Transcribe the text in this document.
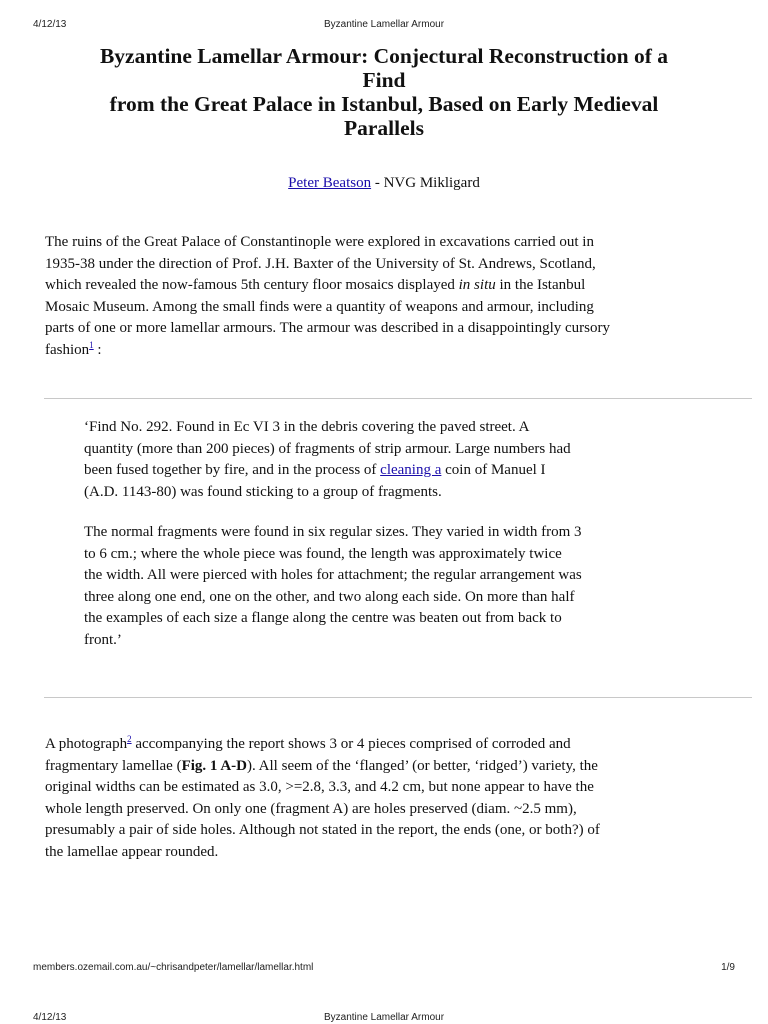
4/12/13	Byzantine Lamellar Armour
Byzantine Lamellar Armour: Conjectural Reconstruction of a
Find
from the Great Palace in Istanbul, Based on Early Medieval
Parallels
Peter Beatson - NVG Mikligard
The ruins of the Great Palace of Constantinople were explored in excavations carried out in
1935-38 under the direction of Prof. J.H. Baxter of the University of St. Andrews, Scotland,
which revealed the now-famous 5th century floor mosaics displayed in situ in the Istanbul
Mosaic Museum. Among the small finds were a quantity of weapons and armour, including
parts of one or more lamellar armours. The armour was described in a disappointingly cursory
fashion$^1$ :
‘Find No. 292. Found in Ec VI 3 in the debris covering the paved street. A
quantity (more than 200 pieces) of fragments of strip armour. Large numbers had
been fused together by fire, and in the process of cleaning a coin of Manuel I
(A.D. 1143-80) was found sticking to a group of fragments.
The normal fragments were found in six regular sizes. They varied in width from 3
to 6 cm.; where the whole piece was found, the length was approximately twice
the width. All were pierced with holes for attachment; the regular arrangement was
three along one end, one on the other, and two along each side. On more than half
the examples of each size a flange along the centre was beaten out from back to
front.’
A photograph$^2$ accompanying the report shows 3 or 4 pieces comprised of corroded and
fragmentary lamellae (Fig. 1 A-D). All seem of the ‘flanged’ (or better, ‘ridged’) variety, the
original widths can be estimated as 3.0, >=2.8, 3.3, and 4.2 cm, but none appear to have the
whole length preserved. On only one (fragment A) are holes preserved (diam. ~2.5 mm),
presumably a pair of side holes. Although not stated in the report, the ends (one, or both?) of
the lamellae appear rounded.
members.ozemail.com.au/~chrisandpeter/lamellar/lamellar.html	1/9
4/12/13	Byzantine Lamellar Armour
